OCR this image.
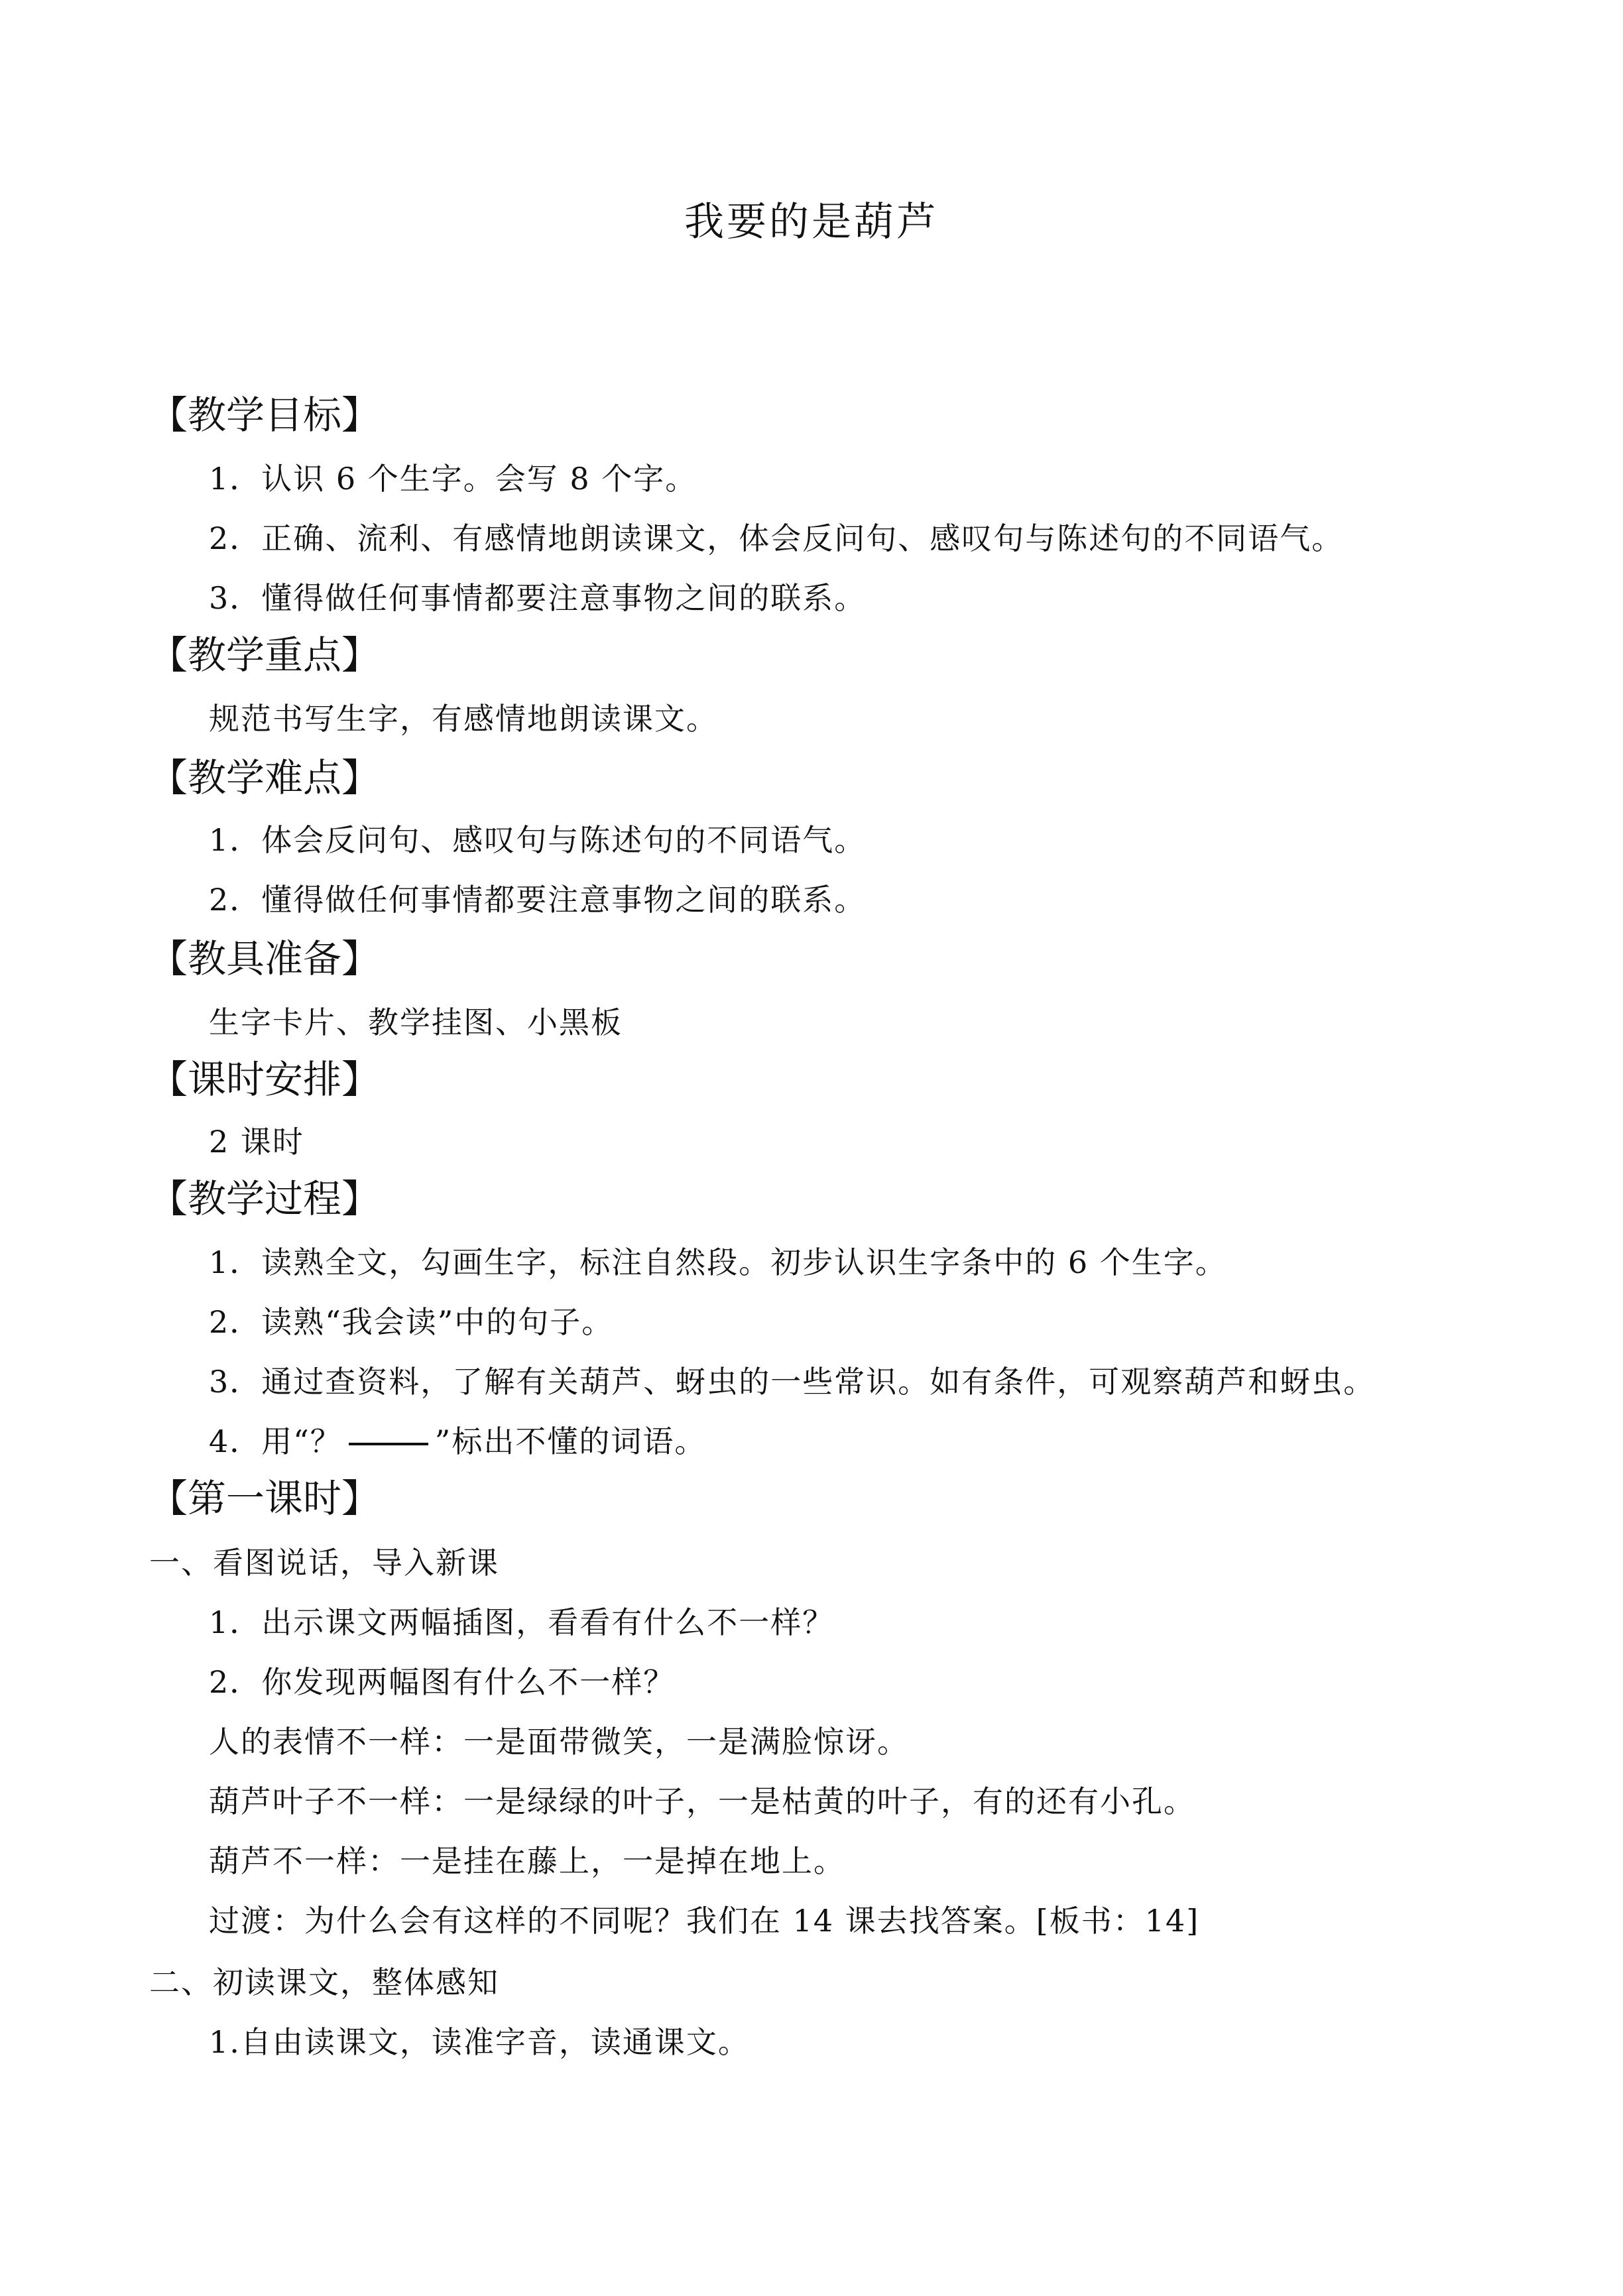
我要的是葫芦
【教学目标】
1．认识 6 个生字。会写 8 个字。
2．正确、流利、有感情地朗读课文，体会反问句、感叹句与陈述句的不同语气。
3．懂得做任何事情都要注意事物之间的联系。
【教学重点】
规范书写生字，有感情地朗读课文。
【教学难点】
1．体会反问句、感叹句与陈述句的不同语气。
2．懂得做任何事情都要注意事物之间的联系。
【教具准备】
生字卡片、教学挂图、小黑板
【课时安排】
2 课时
【教学过程】
1．读熟全文，勾画生字，标注自然段。初步认识生字条中的 6 个生字。
2．读熟“我会读”中的句子。
3．通过查资料，了解有关葫芦、蚜虫的一些常识。如有条件，可观察葫芦和蚜虫。
4．用“？	”标出不懂的词语。
【第一课时】
一、看图说话，导入新课
1．出示课文两幅插图，看看有什么不一样？
2．你发现两幅图有什么不一样？
人的表情不一样：一是面带微笑，一是满脸惊讶。
葫芦叶子不一样：一是绿绿的叶子，一是枯黄的叶子，有的还有小孔。
葫芦不一样：一是挂在藤上，一是掉在地上。
过渡：为什么会有这样的不同呢？我们在 14 课去找答案。[板书：14]
二、初读课文，整体感知
1.自由读课文，读准字音，读通课文。
